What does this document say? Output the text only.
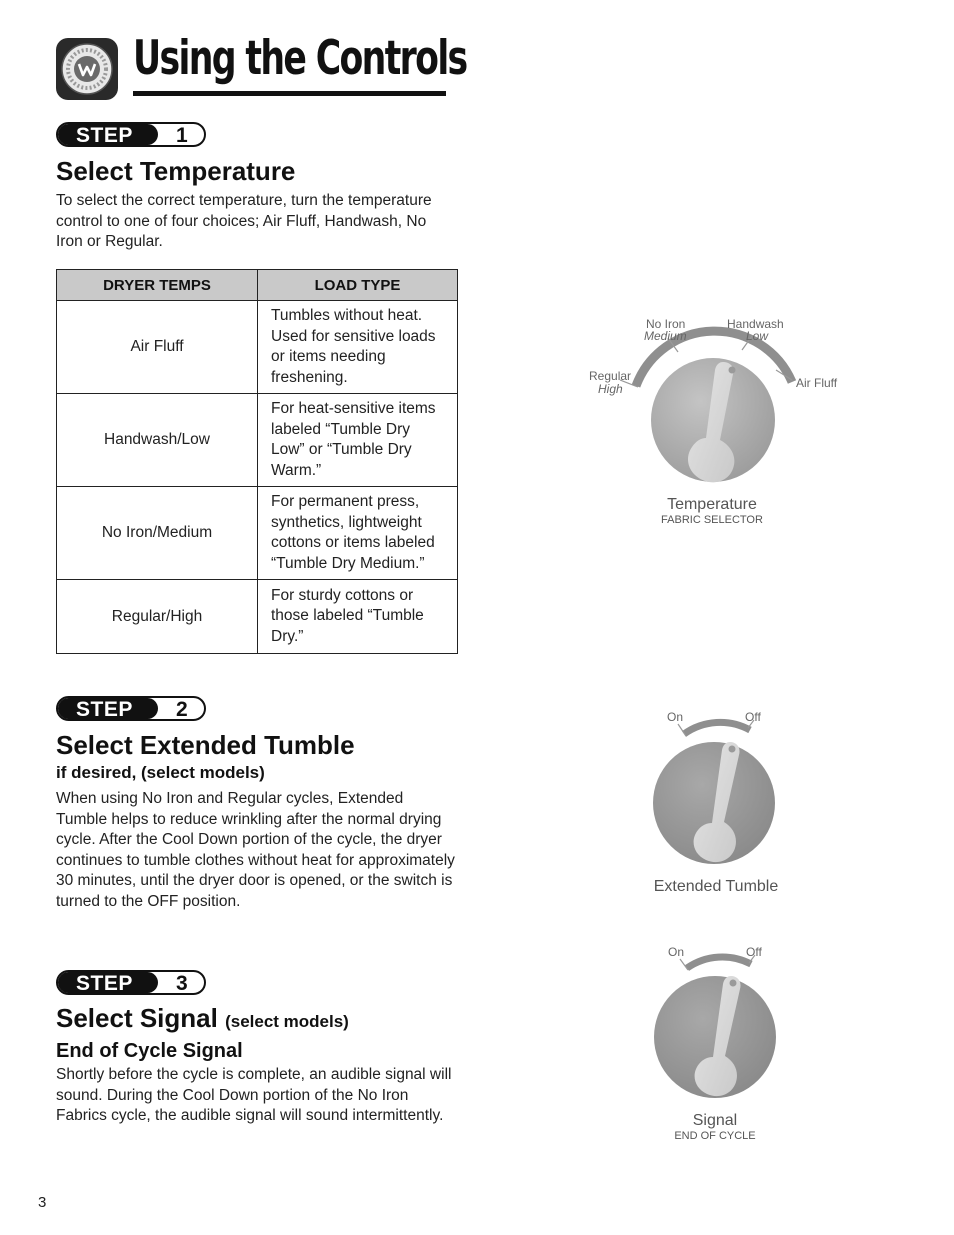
Using the Controls
STEP 1
Select Temperature
To select the correct temperature, turn the temperature control to one of four choices; Air Fluff, Handwash, No Iron or Regular.
DRYER TEMPS	LOAD TYPE
Air Fluff	Tumbles without heat. Used for sensitive loads or items needing freshening.
Handwash/Low	For heat-sensitive items labeled “Tumble Dry Low” or “Tumble Dry Warm.”
No Iron/Medium	For permanent press, synthetics, lightweight cottons or items labeled “Tumble Dry Medium.”
Regular/High	For sturdy cottons or those labeled “Tumble Dry.”
No Iron
Medium
Handwash
Low
Regular
High	Air Fluff
Temperature
FABRIC SELECTOR
STEP 2
Select Extended Tumble
if desired, (select models)
When using No Iron and Regular cycles, Extended Tumble helps to reduce wrinkling after the normal drying cycle. After the Cool Down portion of the cycle, the dryer continues to tumble clothes without heat for approximately 30 minutes, until the dryer door is opened, or the switch is turned to the OFF position.
On	Off
Extended Tumble
STEP 3
Select Signal (select models)
End of Cycle Signal
Shortly before the cycle is complete, an audible signal will sound. During the Cool Down portion of the No Iron Fabrics cycle, the audible signal will sound intermittently.
On	Off
Signal
END OF CYCLE
3
